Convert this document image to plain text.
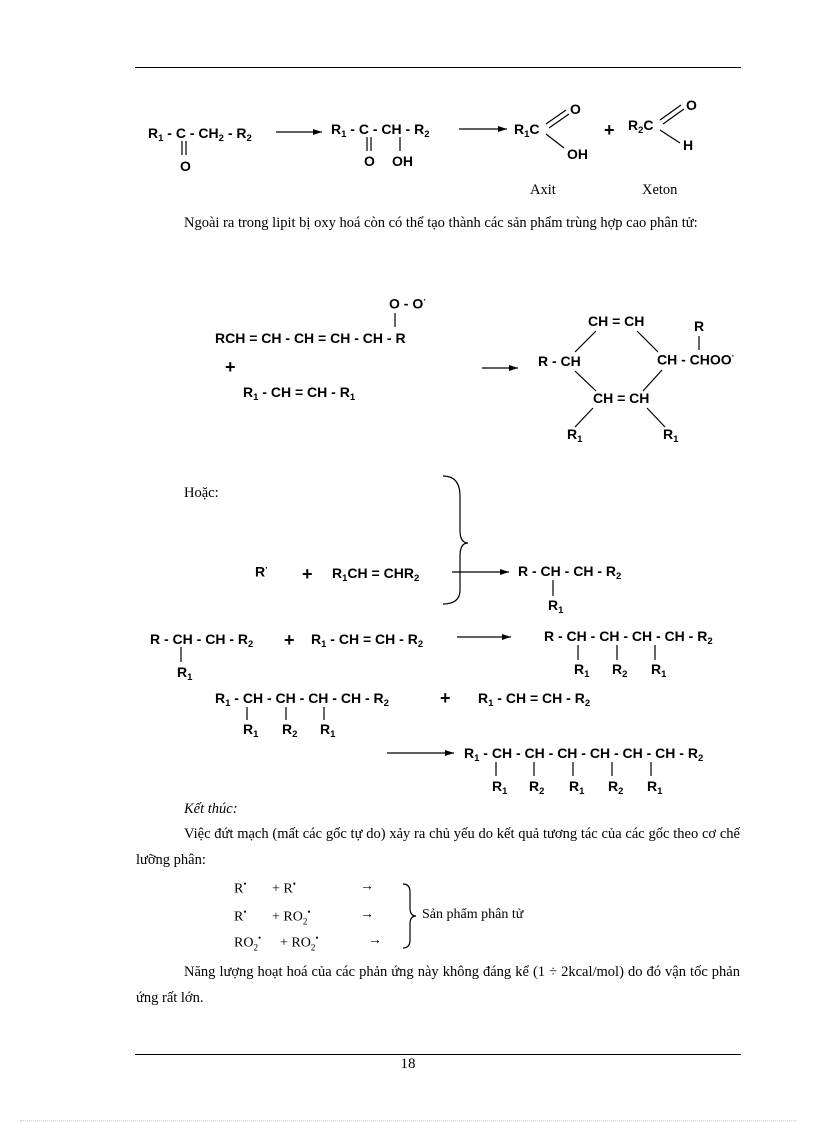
$R_1$ - C - $CH_2 - R_2$
O
$R_1$ - C - CH - $R_2$
O OH
$R_1C$
O
OH
+ $R_2C$
O
H
Axit	Xeton
Ngoài ra trong lipit bị oxy hoá còn có thể tạo thành các sản phẩm trùng hợp cao phân tử:
O - O·
RCH = CH - CH = CH - CH - R
+
$R_1$ - CH = CH - $R_1$
CH = CH	R
R - CH	CH - CHOO·
CH = CH
$R_1$	$R_1$
Hoặc:
$R^\cdot + R_1CH = CHR_2$	R - CH - CH - $R_2$
$R_1$
R - CH - CH - $R_2$
$R_1$
+ $R_1$ - CH = CH - $R_2$
R - CH - CH - CH - CH - $R_2$
$R_1$ $R_2$ $R_1$
$R_1$ - CH - CH - CH - CH - $R_2$
$R_1$ $R_2$ $R_1$
+ $R_1$ - CH = CH - $R_2$
$R_1$ - CH - CH - CH - CH - CH - CH - $R_2$
$R_1$ $R_2$ $R_1$ $R_2$ $R_1$
Kết thúc:
Việc đứt mạch (mất các gốc tự do) xảy ra chủ yếu do kết quả tương tác của các gốc theo cơ chế lưỡng phân:
R• + R•	→
$R^• + RO_2^•$	→
$RO_2^• + RO_2^•$	→
Sản phẩm phân tử
Năng lượng hoạt hoá của các phản ứng này không đáng kể (1 ÷ 2kcal/mol) do đó vận tốc phản ứng rất lớn.
18
